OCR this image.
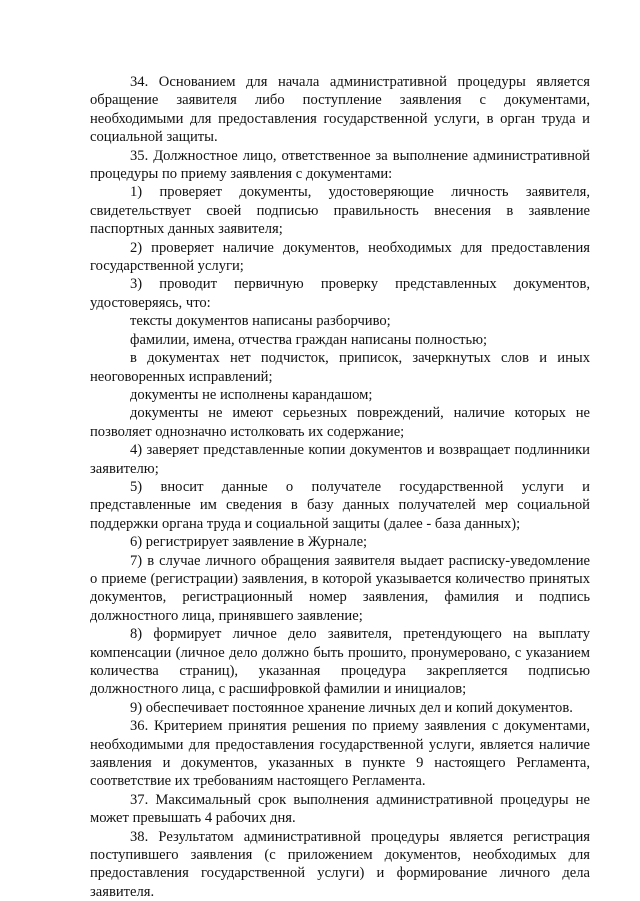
34. Основанием для начала административной процедуры является обращение заявителя либо поступление заявления с документами, необходимыми для предоставления государственной услуги, в орган труда и социальной защиты.

35. Должностное лицо, ответственное за выполнение административной процедуры по приему заявления с документами:

1) проверяет документы, удостоверяющие личность заявителя, свидетельствует своей подписью правильность внесения в заявление паспортных данных заявителя;

2) проверяет наличие документов, необходимых для предоставления государственной услуги;

3) проводит первичную проверку представленных документов, удостоверяясь, что:

тексты документов написаны разборчиво;

фамилии, имена, отчества граждан написаны полностью;

в документах нет подчисток, приписок, зачеркнутых слов и иных неоговоренных исправлений;

документы не исполнены карандашом;

документы не имеют серьезных повреждений, наличие которых не позволяет однозначно истолковать их содержание;

4) заверяет представленные копии документов и возвращает подлинники заявителю;

5) вносит данные о получателе государственной услуги и представленные им сведения в базу данных получателей мер социальной поддержки органа труда и социальной защиты (далее - база данных);

6) регистрирует заявление в Журнале;

7) в случае личного обращения заявителя выдает расписку-уведомление о приеме (регистрации) заявления, в которой указывается количество принятых документов, регистрационный номер заявления, фамилия и подпись должностного лица, принявшего заявление;

8) формирует личное дело заявителя, претендующего на выплату компенсации (личное дело должно быть прошито, пронумеровано, с указанием количества страниц), указанная процедура закрепляется подписью должностного лица, с расшифровкой фамилии и инициалов;

9) обеспечивает постоянное хранение личных дел и копий документов.

36. Критерием принятия решения по приему заявления с документами, необходимыми для предоставления государственной услуги, является наличие заявления и документов, указанных в пункте 9 настоящего Регламента, соответствие их требованиям настоящего Регламента.

37. Максимальный срок выполнения административной процедуры не может превышать 4 рабочих дня.

38. Результатом административной процедуры является регистрация поступившего заявления (с приложением документов, необходимых для предоставления государственной услуги) и формирование личного дела заявителя.
